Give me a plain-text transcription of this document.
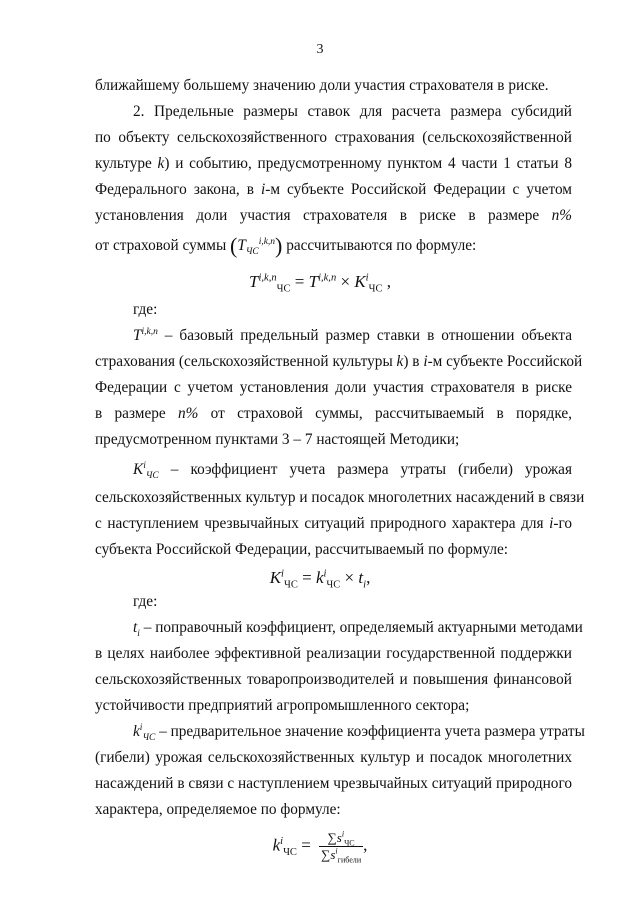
3
ближайшему большему значению доли участия страхователя в риске.
2. Предельные размеры ставок для расчета размера субсидий
по объекту сельскохозяйственного страхования (сельскохозяйственной
культуре k) и событию, предусмотренному пунктом 4 части 1 статьи 8
Федерального закона, в i-м субъекте Российской Федерации с учетом
установления доли участия страхователя в риске в размере n%
от страховой суммы $(T_{ЧС}^{i,k,n})$ рассчитываются по формуле:
$T^{i,k,n}_{ЧС} = T^{i,k,n} \times K^i_{ЧС}$ ,
где:
T$^{i,k,n}$ – базовый предельный размер ставки в отношении объекта
страхования (сельскохозяйственной культуры k) в i-м субъекте Российской
Федерации с учетом установления доли участия страхователя в риске
в размере n% от страховой суммы, рассчитываемый в порядке,
предусмотренном пунктами 3 – 7 настоящей Методики;
$K^i_{ЧС}$ – коэффициент учета размера утраты (гибели) урожая
сельскохозяйственных культур и посадок многолетних насаждений в связи
с наступлением чрезвычайных ситуаций природного характера для i-го
субъекта Российской Федерации, рассчитываемый по формуле:
$K^i_{ЧС} = k^i_{ЧС} \times t_i$,
где:
$t_i$ – поправочный коэффициент, определяемый актуарными методами
в целях наиболее эффективной реализации государственной поддержки
сельскохозяйственных товаропроизводителей и повышения финансовой
устойчивости предприятий агропромышленного сектора;
$k^i_{ЧС}$ – предварительное значение коэффициента учета размера утраты
(гибели) урожая сельскохозяйственных культур и посадок многолетних
насаждений в связи с наступлением чрезвычайных ситуаций природного
характера, определяемое по формуле:
$k^i_{ЧС} = \frac{\sum s^i_{ЧС}}{\sum s^i_{гибели}}$ ,
